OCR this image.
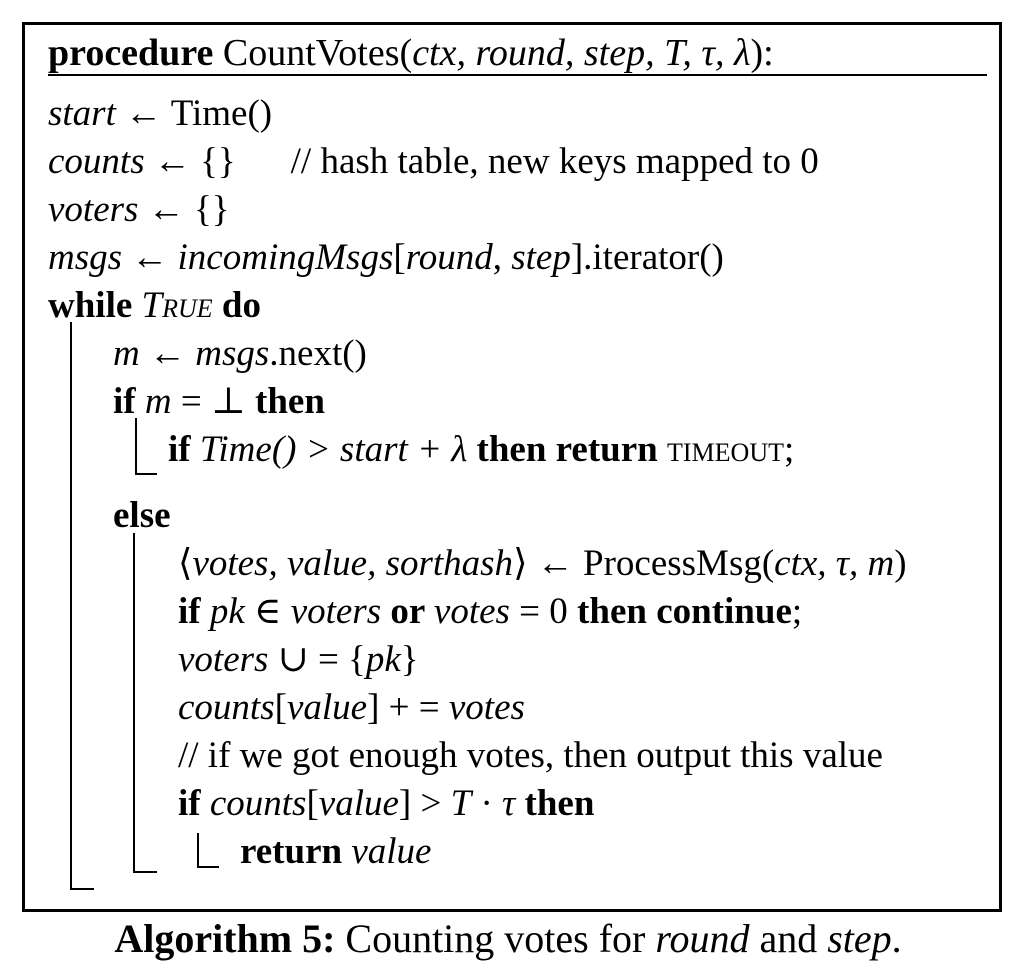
procedure CountVotes(ctx, round, step, T, τ, λ):
start ← Time()
counts ← {} // hash table, new keys mapped to 0
voters ← {}
msgs ← incomingMsgs[round, step].iterator()
while True do
m ← msgs.next()
if m = ⊥ then
if Time() > start + λ then return timeout;
else
⟨votes, value, sorthash⟩ ← ProcessMsg(ctx, τ, m)
if pk ∈ voters or votes = 0 then continue;
voters ∪ = {pk}
counts[value] + = votes
// if we got enough votes, then output this value
if counts[value] > T · τ then
return value
Algorithm 5: Counting votes for round and step.
